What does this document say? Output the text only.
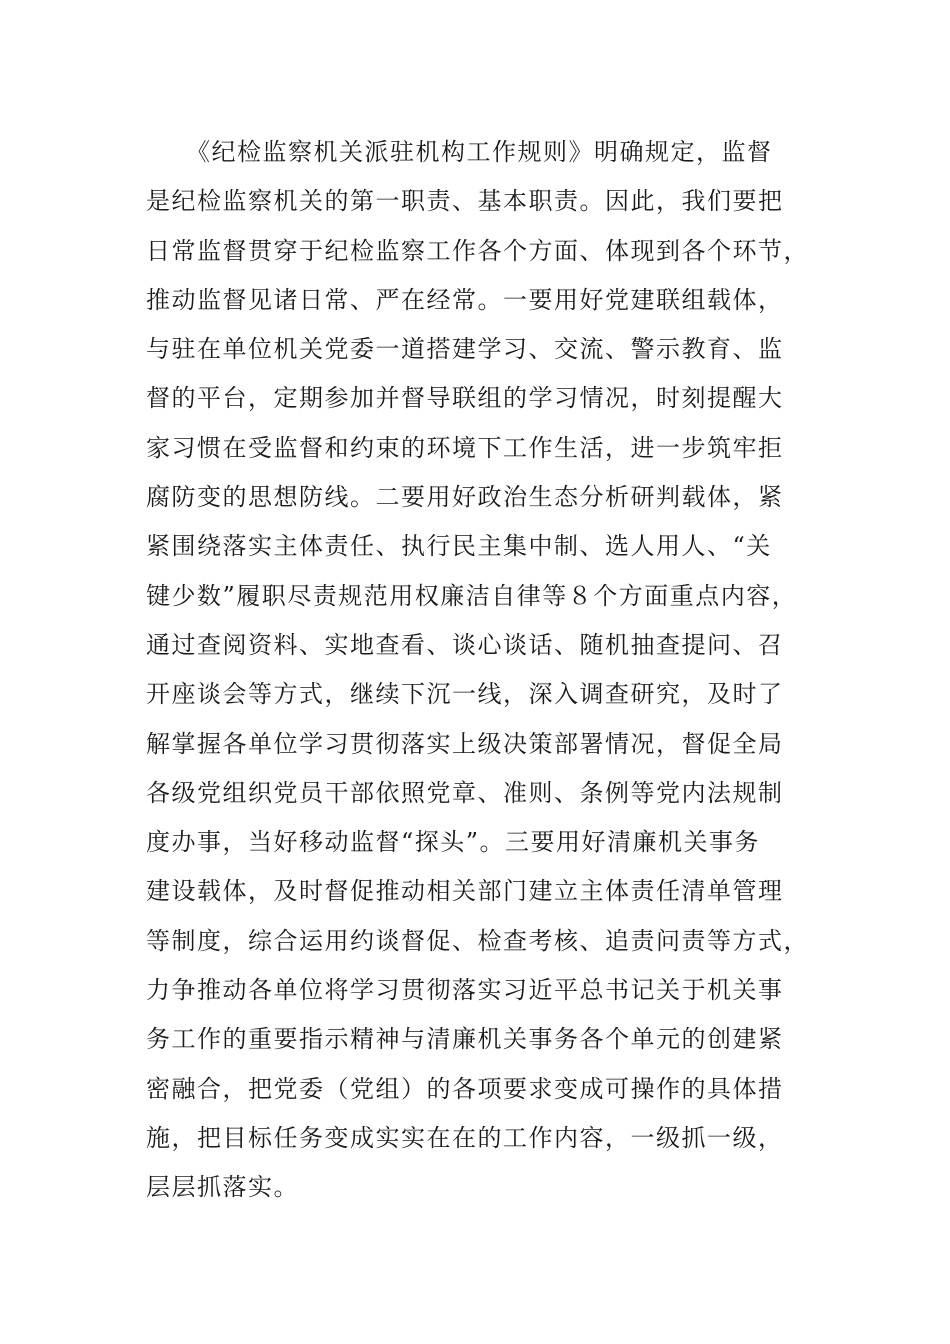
《纪检监察机关派驻机构工作规则》明确规定，监督
是纪检监察机关的第一职责、基本职责。因此，我们要把
日常监督贯穿于纪检监察工作各个方面、体现到各个环节，
推动监督见诸日常、严在经常。一要用好党建联组载体，
与驻在单位机关党委一道搭建学习、交流、警示教育、监
督的平台，定期参加并督导联组的学习情况，时刻提醒大
家习惯在受监督和约束的环境下工作生活，进一步筑牢拒
腐防变的思想防线。二要用好政治生态分析研判载体，紧
紧围绕落实主体责任、执行民主集中制、选人用人、“关
键少数”履职尽责规范用权廉洁自律等８个方面重点内容，
通过查阅资料、实地查看、谈心谈话、随机抽查提问、召
开座谈会等方式，继续下沉一线，深入调查研究，及时了
解掌握各单位学习贯彻落实上级决策部署情况，督促全局
各级党组织党员干部依照党章、准则、条例等党内法规制
度办事，当好移动监督“探头”。三要用好清廉机关事务
建设载体，及时督促推动相关部门建立主体责任清单管理
等制度，综合运用约谈督促、检查考核、追责问责等方式，
力争推动各单位将学习贯彻落实习近平总书记关于机关事
务工作的重要指示精神与清廉机关事务各个单元的创建紧
密融合，把党委（党组）的各项要求变成可操作的具体措
施，把目标任务变成实实在在的工作内容，一级抓一级，
层层抓落实。
